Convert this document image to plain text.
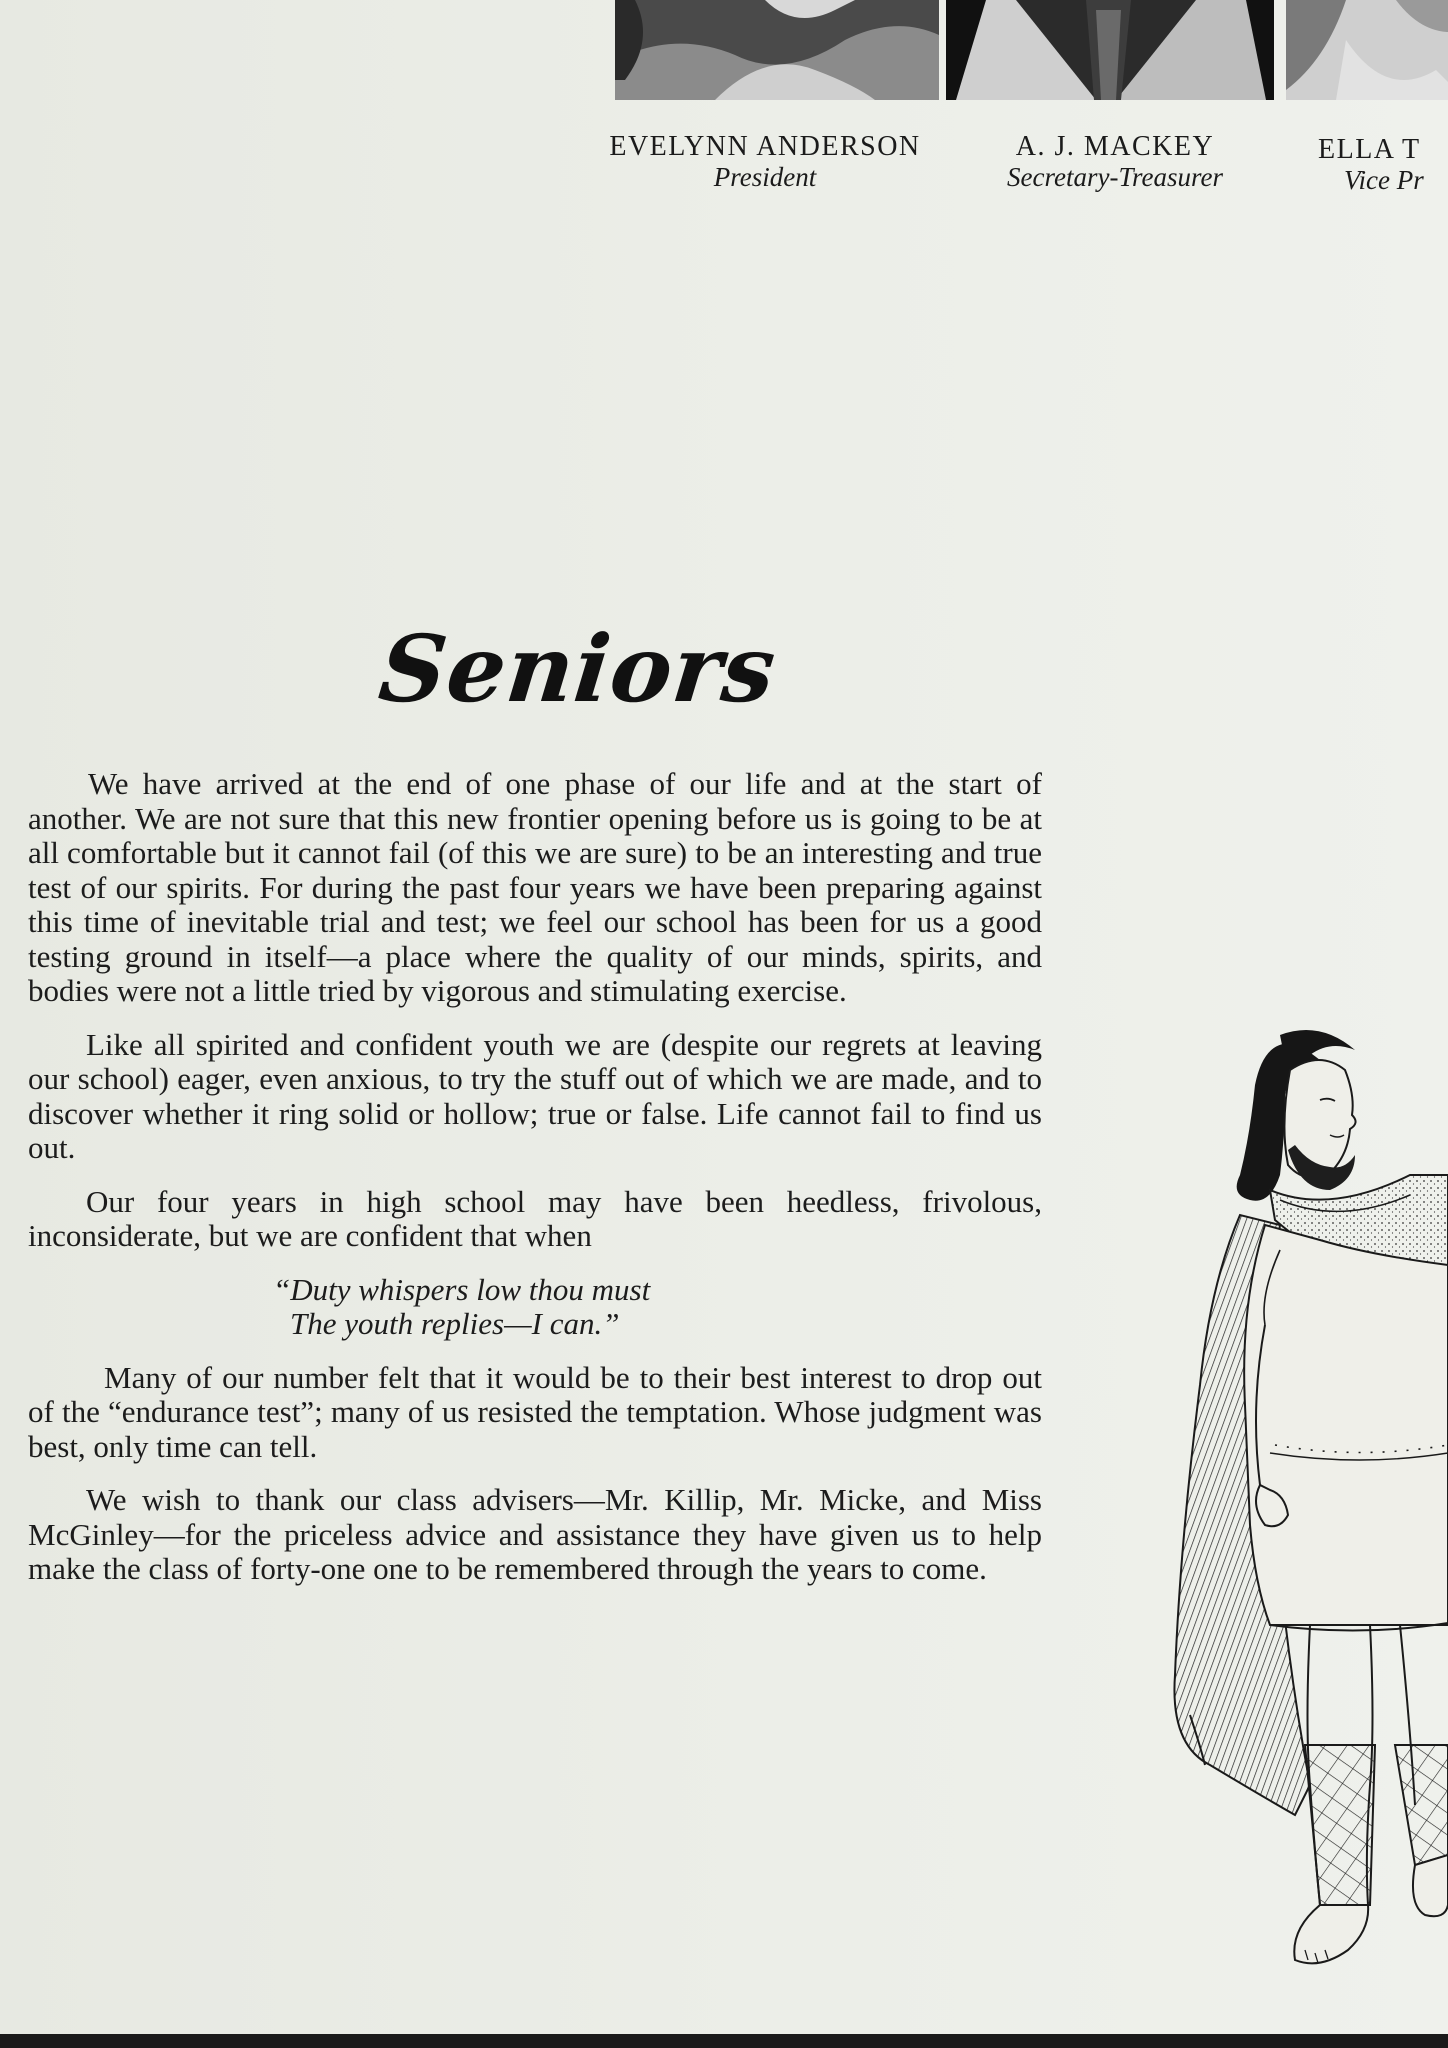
EVELYNN ANDERSON
President
A. J. MACKEY
Secretary-Treasurer
ELLA T
Vice Pr
Seniors

We have arrived at the end of one phase of our life and at the start of another. We are not sure that this new frontier opening before us is going to be at all comfortable but it cannot fail (of this we are sure) to be an interesting and true test of our spirits. For during the past four years we have been preparing against this time of inevitable trial and test; we feel our school has been for us a good testing ground in itself—a place where the quality of our minds, spirits, and bodies were not a little tried by vigorous and stimulating exercise.

Like all spirited and confident youth we are (despite our regrets at leaving our school) eager, even anxious, to try the stuff out of which we are made, and to discover whether it ring solid or hollow; true or false. Life cannot fail to find us out.

Our four years in high school may have been heedless, frivolous, inconsiderate, but we are confident that when

“Duty whispers low thou must
The youth replies—I can.”

Many of our number felt that it would be to their best interest to drop out of the “endurance test”; many of us resisted the temptation. Whose judgment was best, only time can tell.

We wish to thank our class advisers—Mr. Killip, Mr. Micke, and Miss McGinley—for the priceless advice and assistance they have given us to help make the class of forty-one one to be remembered through the years to come.
